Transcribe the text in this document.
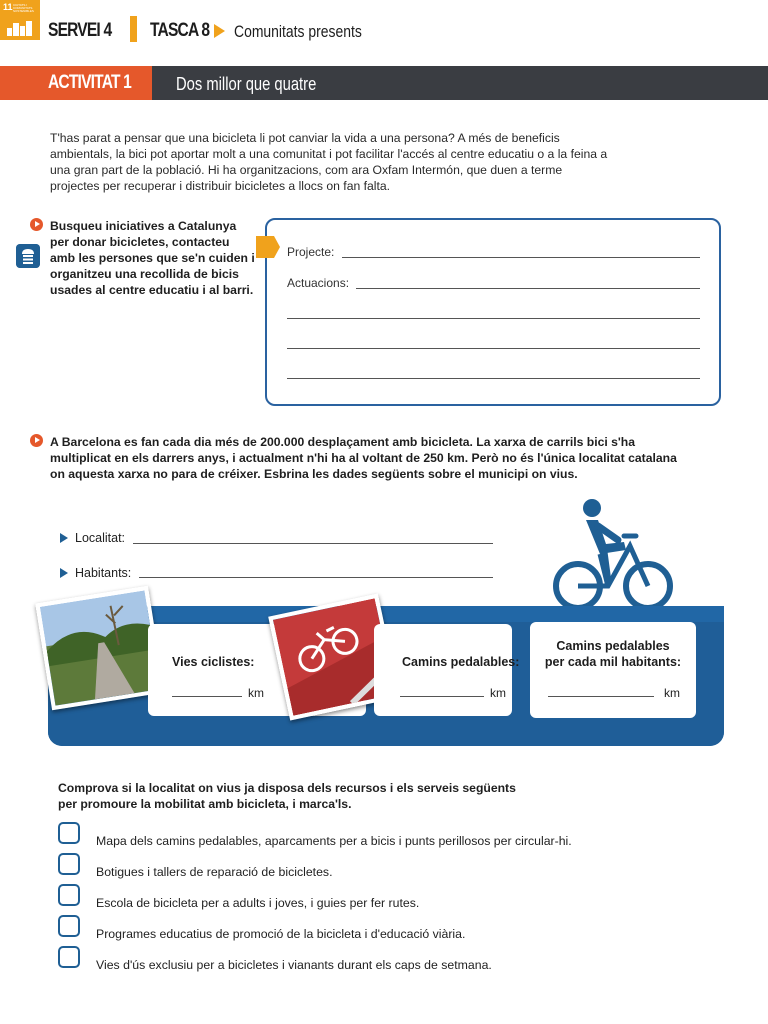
11 CIUTATS I COMUNITATS SOSTENIBLES
SERVEI 4 TASCA 8 Comunitats presents
ACTIVITAT 1 Dos millor que quatre
T'has parat a pensar que una bicicleta li pot canviar la vida a una persona? A més de beneficis ambientals, la bici pot aportar molt a una comunitat i pot facilitar l'accés al centre educatiu o a la feina a una gran part de la població. Hi ha organitzacions, com ara Oxfam Intermón, que duen a terme projectes per recuperar i distribuir bicicletes a llocs on fan falta.
Busqueu iniciatives a Catalunya per donar bicicletes, contacteu amb les persones que se'n cuiden i organitzeu una recollida de bicis usades al centre educatiu i al barri.
Projecte:
Actuacions:
A Barcelona es fan cada dia més de 200.000 desplaçament amb bicicleta. La xarxa de carrils bici s'ha multiplicat en els darrers anys, i actualment n'hi ha al voltant de 250 km. Però no és l'única localitat catalana on aquesta xarxa no para de créixer. Esbrina les dades següents sobre el municipi on vius.
Localitat:
Habitants:
Vies ciclistes:
km
Camins pedalables:
km
Camins pedalables
per cada mil habitants:
km
Comprova si la localitat on vius ja disposa dels recursos i els serveis següents per promoure la mobilitat amb bicicleta, i marca'ls.
Mapa dels camins pedalables, aparcaments per a bicis i punts perillosos per circular-hi.
Botigues i tallers de reparació de bicicletes.
Escola de bicicleta per a adults i joves, i guies per fer rutes.
Programes educatius de promoció de la bicicleta i d'educació viària.
Vies d'ús exclusiu per a bicicletes i vianants durant els caps de setmana.
